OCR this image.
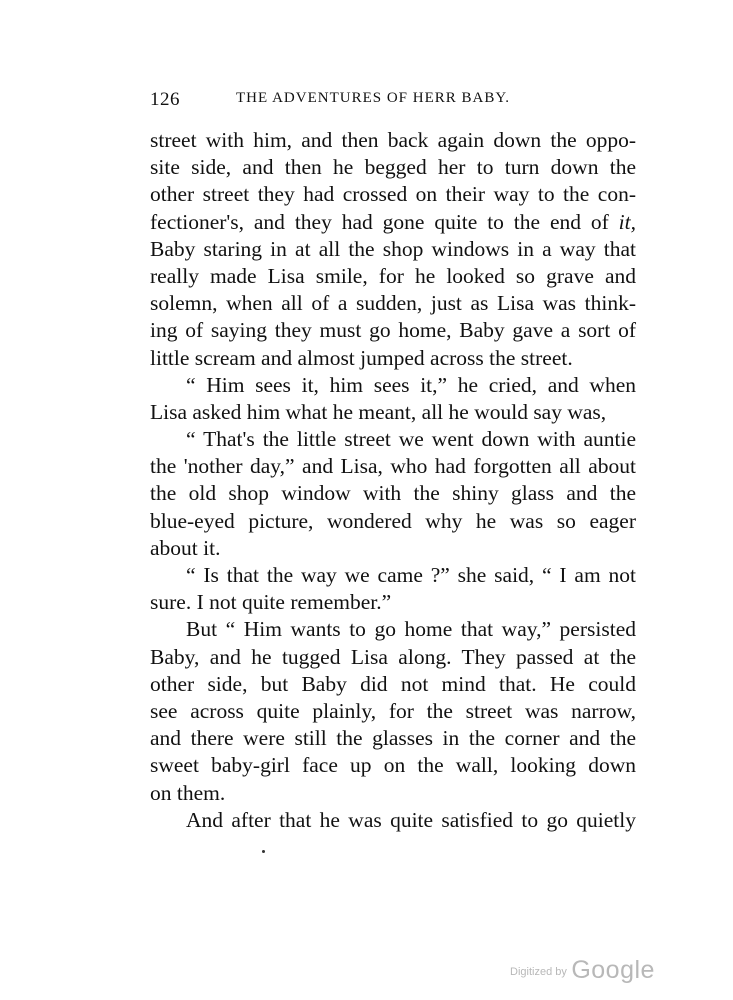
126	THE ADVENTURES OF HERR BABY.
street with him, and then back again down the oppo-
site side, and then he begged her to turn down the
other street they had crossed on their way to the con-
fectioner's, and they had gone quite to the end of it,
Baby staring in at all the shop windows in a way that
really made Lisa smile, for he looked so grave and
solemn, when all of a sudden, just as Lisa was think-
ing of saying they must go home, Baby gave a sort of
little scream and almost jumped across the street.
“ Him sees it, him sees it,” he cried, and when
Lisa asked him what he meant, all he would say was,
“ That's the little street we went down with auntie
the 'nother day,” and Lisa, who had forgotten all about
the old shop window with the shiny glass and the
blue-eyed picture, wondered why he was so eager
about it.
“ Is that the way we came ?” she said, “ I am not
sure. I not quite remember.”
But “ Him wants to go home that way,” persisted
Baby, and he tugged Lisa along. They passed at the
other side, but Baby did not mind that. He could
see across quite plainly, for the street was narrow,
and there were still the glasses in the corner and the
sweet baby-girl face up on the wall, looking down
on them.
And after that he was quite satisfied to go quietly
Digitized by Google
